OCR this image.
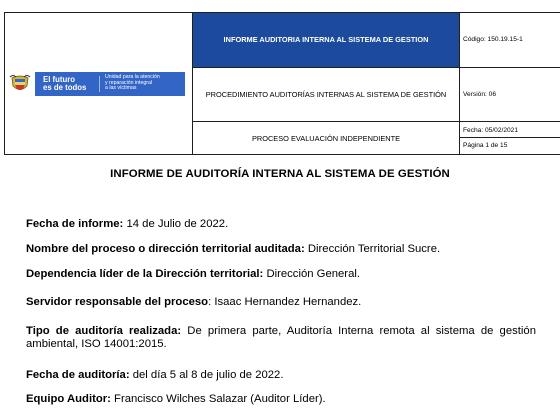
El futuro
es de todos
Unidad para la atención
y reparación integral
a las víctimas	INFORME AUDITORIA INTERNA AL SISTEMA DE GESTION	Código: 150.19.15-1
	PROCEDIMIENTO AUDITORÍAS INTERNAS AL SISTEMA DE GESTIÓN	Versión: 06
	PROCESO EVALUACIÓN INDEPENDIENTE	Fecha: 05/02/2021
Página 1 de 15
INFORME DE AUDITORÍA INTERNA AL SISTEMA DE GESTIÓN
Fecha de informe: 14 de Julio de 2022.
Nombre del proceso o dirección territorial auditada: Dirección Territorial Sucre.
Dependencia líder de la Dirección territorial: Dirección General.
Servidor responsable del proceso: Isaac Hernandez Hernandez.
Tipo de auditoría realizada: De primera parte, Auditoría Interna remota al sistema de gestión ambiental, ISO 14001:2015.
Fecha de auditoría: del día 5 al 8 de julio de 2022.
Equipo Auditor: Francisco Wilches Salazar (Auditor Líder).
